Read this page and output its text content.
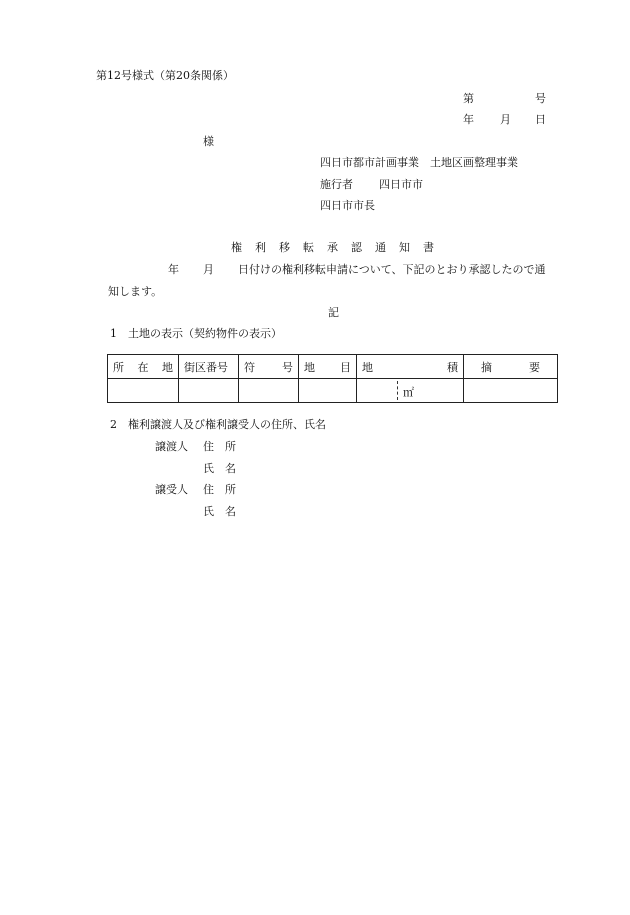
第12号様式（第20条関係）
第	号
年 月 日
様
四日市都市計画事業　土地区画整理事業
施行者 四日市市
四日市市長
権利移転承認通知書
年 月 日付けの権利移転申請について、下記のとおり承認したので通
知します。
記
1　土地の表示（契約物件の表示）
所 在 地	街区番号	符 号	地 目	地 積	摘 要

				㎡	

2　権利譲渡人及び権利譲受人の住所、氏名
譲渡人 住　所
氏　名
譲受人 住　所
氏　名
